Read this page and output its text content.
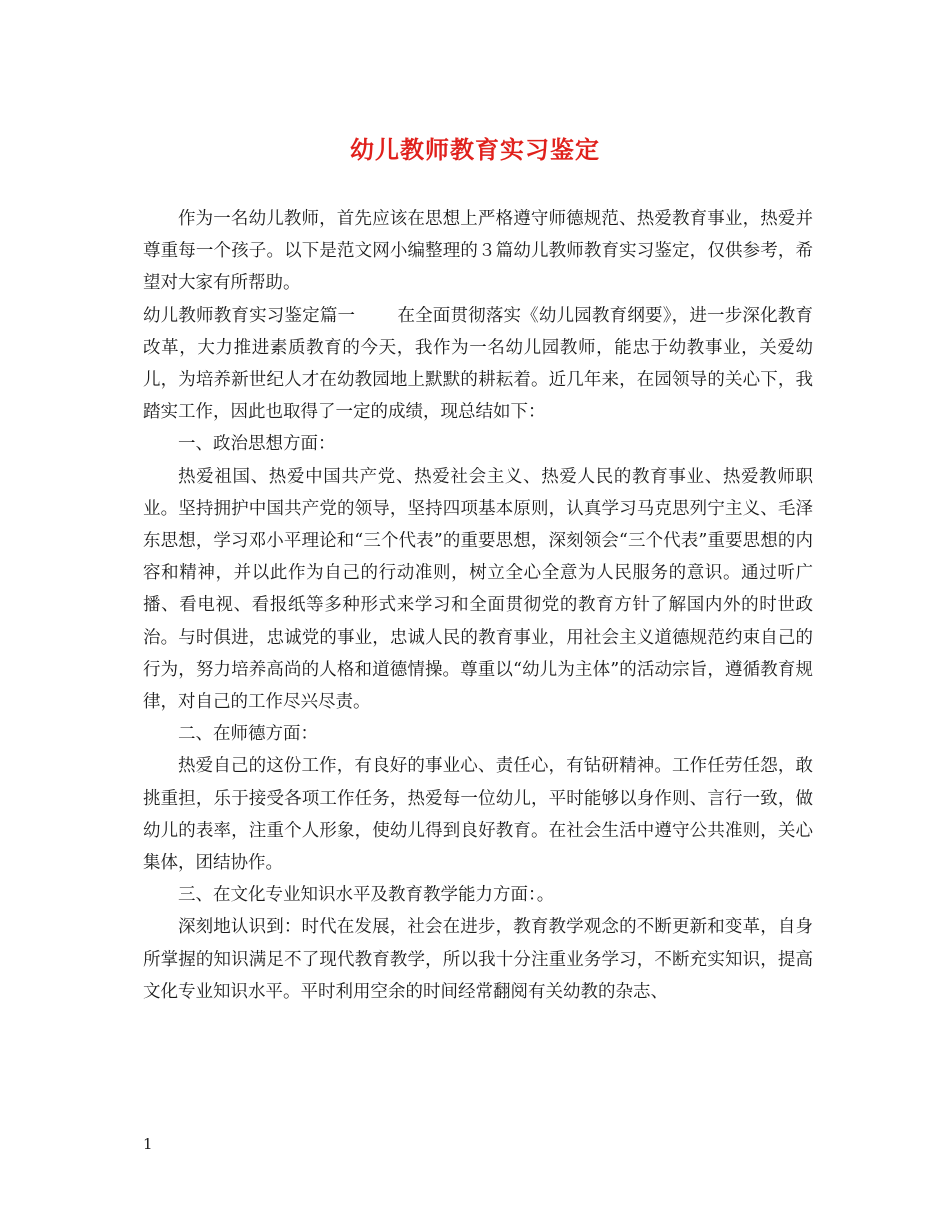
幼儿教师教育实习鉴定

作为一名幼儿教师，首先应该在思想上严格遵守师德规范、热爱教育事业，热爱并尊重每一个孩子。以下是范文网小编整理的３篇幼儿教师教育实习鉴定，仅供参考，希望对大家有所帮助。

幼儿教师教育实习鉴定篇一 在全面贯彻落实《幼儿园教育纲要》，进一步深化教育改革，大力推进素质教育的今天，我作为一名幼儿园教师，能忠于幼教事业，关爱幼儿，为培养新世纪人才在幼教园地上默默的耕耘着。近几年来，在园领导的关心下，我踏实工作，因此也取得了一定的成绩，现总结如下：

一、政治思想方面：

热爱祖国、热爱中国共产党、热爱社会主义、热爱人民的教育事业、热爱教师职业。坚持拥护中国共产党的领导，坚持四项基本原则，认真学习马克思列宁主义、毛泽东思想，学习邓小平理论和“三个代表”的重要思想，深刻领会“三个代表”重要思想的内容和精神，并以此作为自己的行动准则，树立全心全意为人民服务的意识。通过听广播、看电视、看报纸等多种形式来学习和全面贯彻党的教育方针了解国内外的时世政治。与时俱进，忠诚党的事业，忠诚人民的教育事业，用社会主义道德规范约束自己的行为，努力培养高尚的人格和道德情操。尊重以“幼儿为主体”的活动宗旨，遵循教育规律，对自己的工作尽兴尽责。

二、在师德方面：

热爱自己的这份工作，有良好的事业心、责任心，有钻研精神。工作任劳任怨，敢挑重担，乐于接受各项工作任务，热爱每一位幼儿，平时能够以身作则、言行一致，做幼儿的表率，注重个人形象，使幼儿得到良好教育。在社会生活中遵守公共准则，关心集体，团结协作。

三、在文化专业知识水平及教育教学能力方面：。

深刻地认识到：时代在发展，社会在进步，教育教学观念的不断更新和变革，自身所掌握的知识满足不了现代教育教学，所以我十分注重业务学习，不断充实知识，提高文化专业知识水平。平时利用空余的时间经常翻阅有关幼教的杂志、

1
